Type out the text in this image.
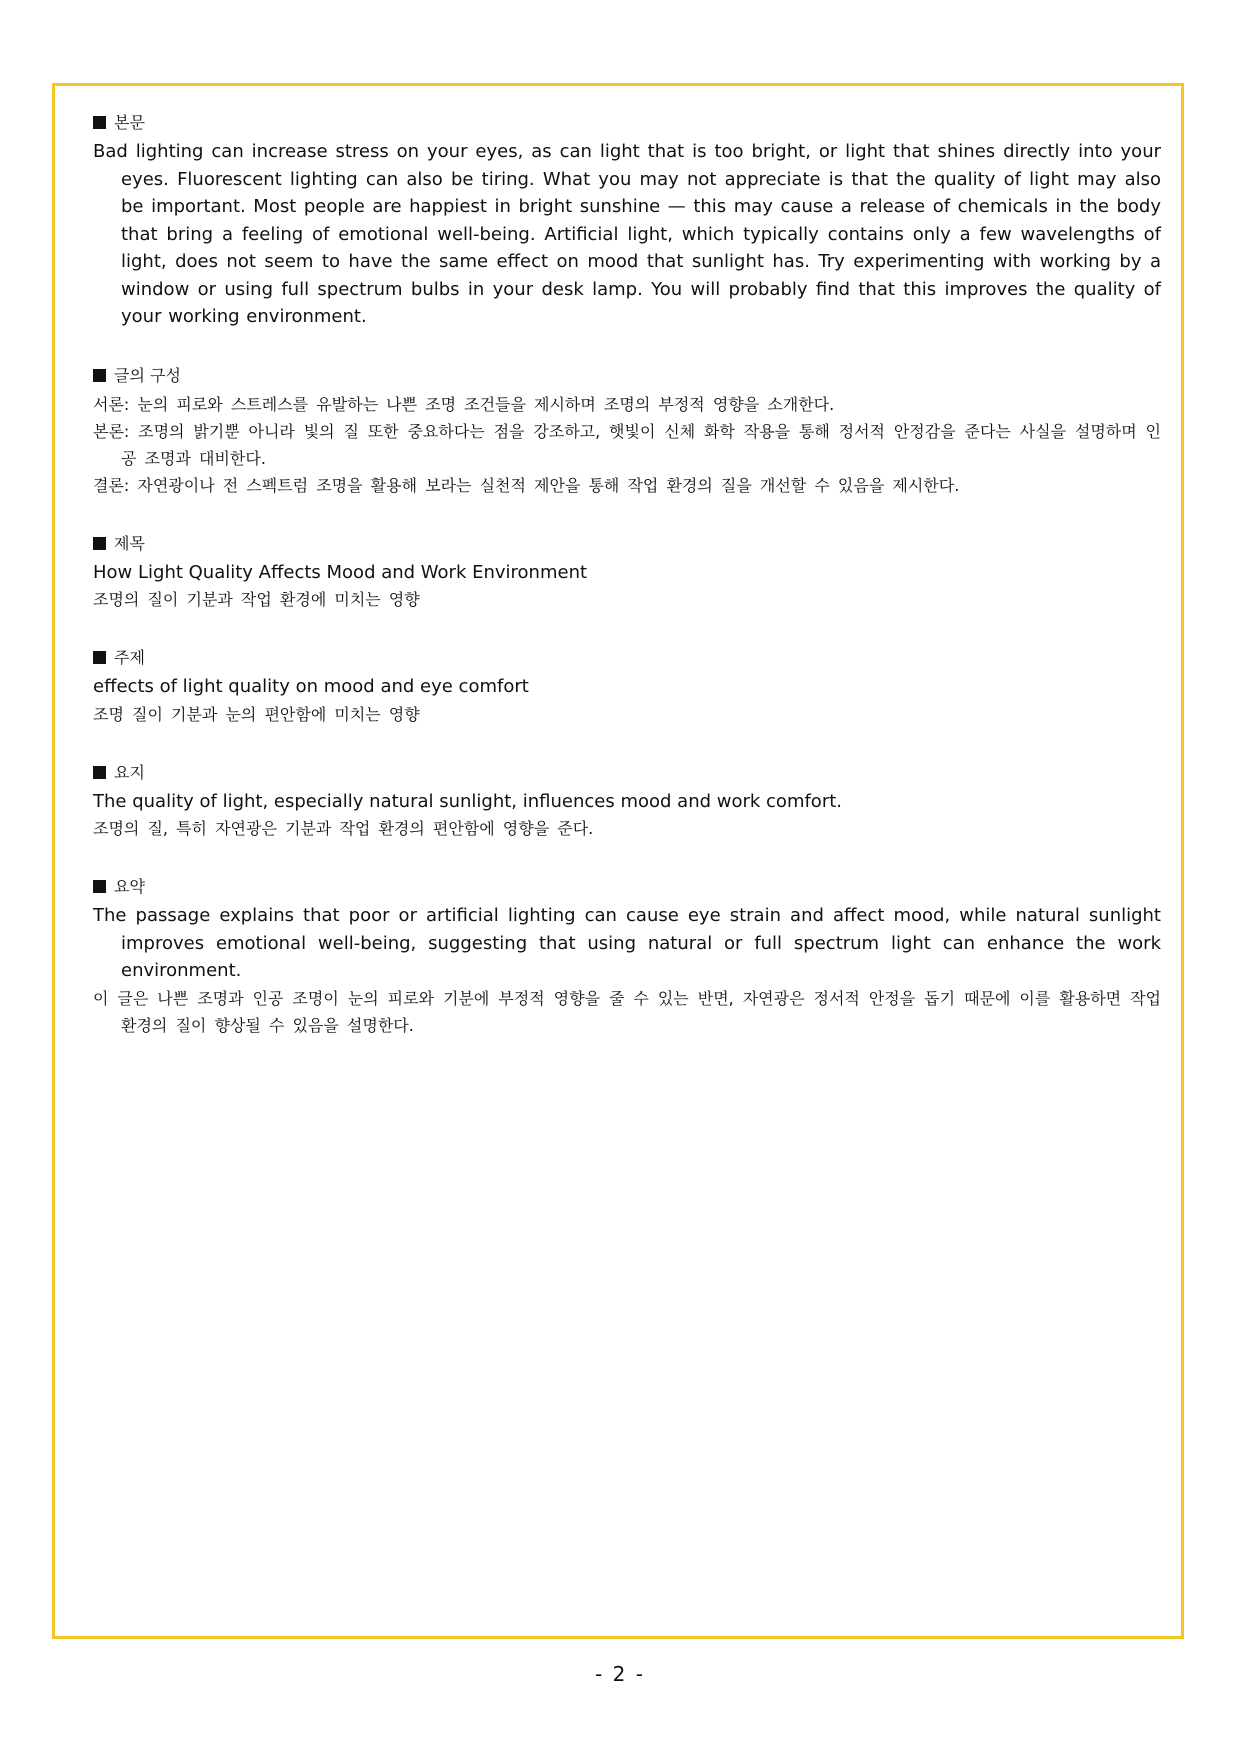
본문

Bad lighting can increase stress on your eyes, as can light that is too bright, or light that shines directly into your eyes. Fluorescent lighting can also be tiring. What you may not appreciate is that the quality of light may also be important. Most people are happiest in bright sunshine — this may cause a release of chemicals in the body that bring a feeling of emotional well-being. Artificial light, which typically contains only a few wavelengths of light, does not seem to have the same effect on mood that sunlight has. Try experimenting with working by a window or using full spectrum bulbs in your desk lamp. You will probably find that this improves the quality of your working environment.

글의 구성

서론: 눈의 피로와 스트레스를 유발하는 나쁜 조명 조건들을 제시하며 조명의 부정적 영향을 소개한다.

본론: 조명의 밝기뿐 아니라 빛의 질 또한 중요하다는 점을 강조하고, 햇빛이 신체 화학 작용을 통해 정서적 안정감을 준다는 사실을 설명하며 인공 조명과 대비한다.

결론: 자연광이나 전 스펙트럼 조명을 활용해 보라는 실천적 제안을 통해 작업 환경의 질을 개선할 수 있음을 제시한다.

제목

How Light Quality Affects Mood and Work Environment

조명의 질이 기분과 작업 환경에 미치는 영향

주제

effects of light quality on mood and eye comfort

조명 질이 기분과 눈의 편안함에 미치는 영향

요지

The quality of light, especially natural sunlight, influences mood and work comfort.

조명의 질, 특히 자연광은 기분과 작업 환경의 편안함에 영향을 준다.

요약

The passage explains that poor or artificial lighting can cause eye strain and affect mood, while natural sunlight improves emotional well-being, suggesting that using natural or full spectrum light can enhance the work environment.

이 글은 나쁜 조명과 인공 조명이 눈의 피로와 기분에 부정적 영향을 줄 수 있는 반면, 자연광은 정서적 안정을 돕기 때문에 이를 활용하면 작업 환경의 질이 향상될 수 있음을 설명한다.

- 2 -
